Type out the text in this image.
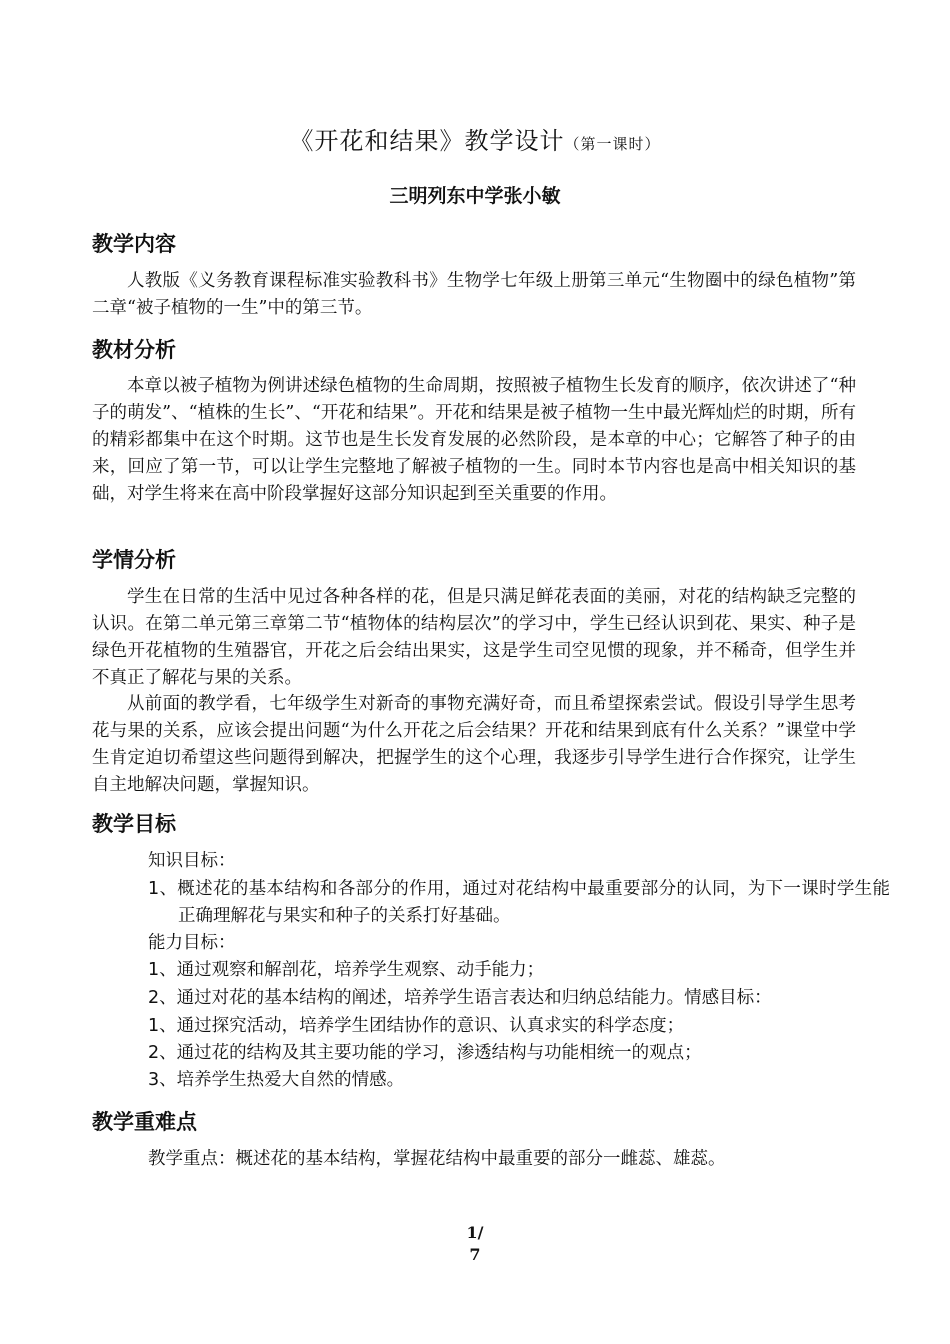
《开花和结果》教学设计（第一课时）
三明列东中学张小敏
教学内容
人教版《义务教育课程标准实验教科书》生物学七年级上册第三单元“生物圈中的绿色植物”第二章“被子植物的一生”中的第三节。
教材分析
本章以被子植物为例讲述绿色植物的生命周期，按照被子植物生长发育的顺序，依次讲述了“种子的萌发”、“植株的生长”、“开花和结果”。开花和结果是被子植物一生中最光辉灿烂的时期，所有的精彩都集中在这个时期。这节也是生长发育发展的必然阶段，是本章的中心；它解答了种子的由来，回应了第一节，可以让学生完整地了解被子植物的一生。同时本节内容也是高中相关知识的基础，对学生将来在高中阶段掌握好这部分知识起到至关重要的作用。
学情分析
学生在日常的生活中见过各种各样的花，但是只满足鲜花表面的美丽，对花的结构缺乏完整的认识。在第二单元第三章第二节“植物体的结构层次”的学习中，学生已经认识到花、果实、种子是绿色开花植物的生殖器官，开花之后会结出果实，这是学生司空见惯的现象，并不稀奇，但学生并不真正了解花与果的关系。
从前面的教学看，七年级学生对新奇的事物充满好奇，而且希望探索尝试。假设引导学生思考花与果的关系，应该会提出问题“为什么开花之后会结果？开花和结果到底有什么关系？”课堂中学生肯定迫切希望这些问题得到解决，把握学生的这个心理，我逐步引导学生进行合作探究，让学生自主地解决问题，掌握知识。
教学目标
知识目标：
1、概述花的基本结构和各部分的作用，通过对花结构中最重要部分的认同，为下一课时学生能正确理解花与果实和种子的关系打好基础。
能力目标：
1、通过观察和解剖花，培养学生观察、动手能力；
2、通过对花的基本结构的阐述，培养学生语言表达和归纳总结能力。情感目标：
1、通过探究活动，培养学生团结协作的意识、认真求实的科学态度；
2、通过花的结构及其主要功能的学习，渗透结构与功能相统一的观点；
3、培养学生热爱大自然的情感。
教学重难点
教学重点：概述花的基本结构，掌握花结构中最重要的部分一雌蕊、雄蕊。
1/
7
